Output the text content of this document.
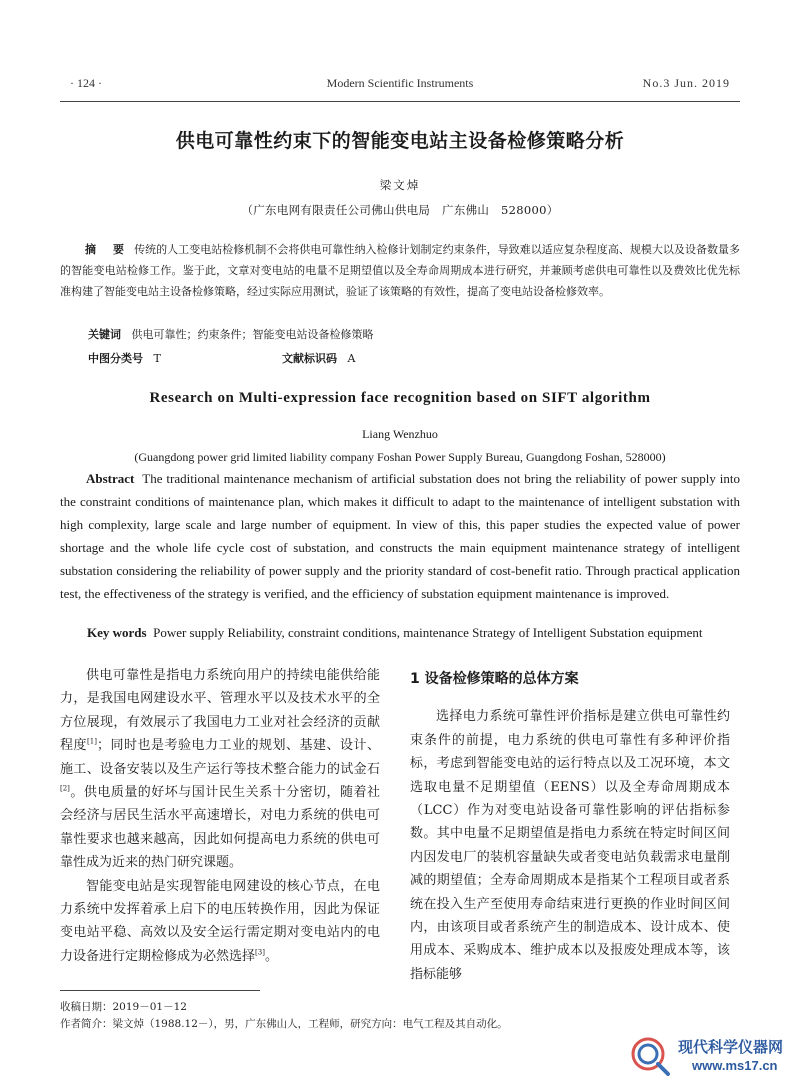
· 124 ·	Modern Scientific Instruments	No.3 Jun. 2019
供电可靠性约束下的智能变电站主设备检修策略分析
梁文焯
（广东电网有限责任公司佛山供电局　广东佛山　528000）
摘　要 传统的人工变电站检修机制不会将供电可靠性纳入检修计划制定约束条件，导致难以适应复杂程度高、规模大以及设备数量多的智能变电站检修工作。鉴于此，文章对变电站的电量不足期望值以及全寿命周期成本进行研究，并兼顾考虑供电可靠性以及费效比优先标准构建了智能变电站主设备检修策略，经过实际应用测试，验证了该策略的有效性，提高了变电站设备检修效率。
关键词 供电可靠性；约束条件；智能变电站设备检修策略
中图分类号 T	文献标识码 A
Research on Multi-expression face recognition based on SIFT algorithm
Liang Wenzhuo
(Guangdong power grid limited liability company Foshan Power Supply Bureau, Guangdong Foshan, 528000)
Abstract The traditional maintenance mechanism of artificial substation does not bring the reliability of power supply into the constraint conditions of maintenance plan, which makes it difficult to adapt to the maintenance of intelligent substation with high complexity, large scale and large number of equipment. In view of this, this paper studies the expected value of power shortage and the whole life cycle cost of substation, and constructs the main equipment maintenance strategy of intelligent substation considering the reliability of power supply and the priority standard of cost-benefit ratio. Through practical application test, the effectiveness of the strategy is verified, and the efficiency of substation equipment maintenance is improved.
Key words Power supply Reliability, constraint conditions, maintenance Strategy of Intelligent Substation equipment

供电可靠性是指电力系统向用户的持续电能供给能力，是我国电网建设水平、管理水平以及技术水平的全方位展现，有效展示了我国电力工业对社会经济的贡献程度[1]；同时也是考验电力工业的规划、基建、设计、施工、设备安装以及生产运行等技术整合能力的试金石[2]。供电质量的好坏与国计民生关系十分密切，随着社会经济与居民生活水平高速增长，对电力系统的供电可靠性要求也越来越高，因此如何提高电力系统的供电可靠性成为近来的热门研究课题。

智能变电站是实现智能电网建设的核心节点，在电力系统中发挥着承上启下的电压转换作用，因此为保证变电站平稳、高效以及安全运行需定期对变电站内的电力设备进行定期检修成为必然选择[3]。

1 设备检修策略的总体方案

选择电力系统可靠性评价指标是建立供电可靠性约束条件的前提，电力系统的供电可靠性有多种评价指标，考虑到智能变电站的运行特点以及工况环境，本文选取电量不足期望值（EENS）以及全寿命周期成本（LCC）作为对变电站设备可靠性影响的评估指标参数。其中电量不足期望值是指电力系统在特定时间区间内因发电厂的装机容量缺失或者变电站负载需求电量削减的期望值；全寿命周期成本是指某个工程项目或者系统在投入生产至使用寿命结束进行更换的作业时间区间内，由该项目或者系统产生的制造成本、设计成本、使用成本、采购成本、维护成本以及报废处理成本等，该指标能够

收稿日期：2019－01－12
作者简介：梁文焯（1988.12－），男，广东佛山人，工程师，研究方向：电气工程及其自动化。
现代科学仪器网
www.ms17.cn
